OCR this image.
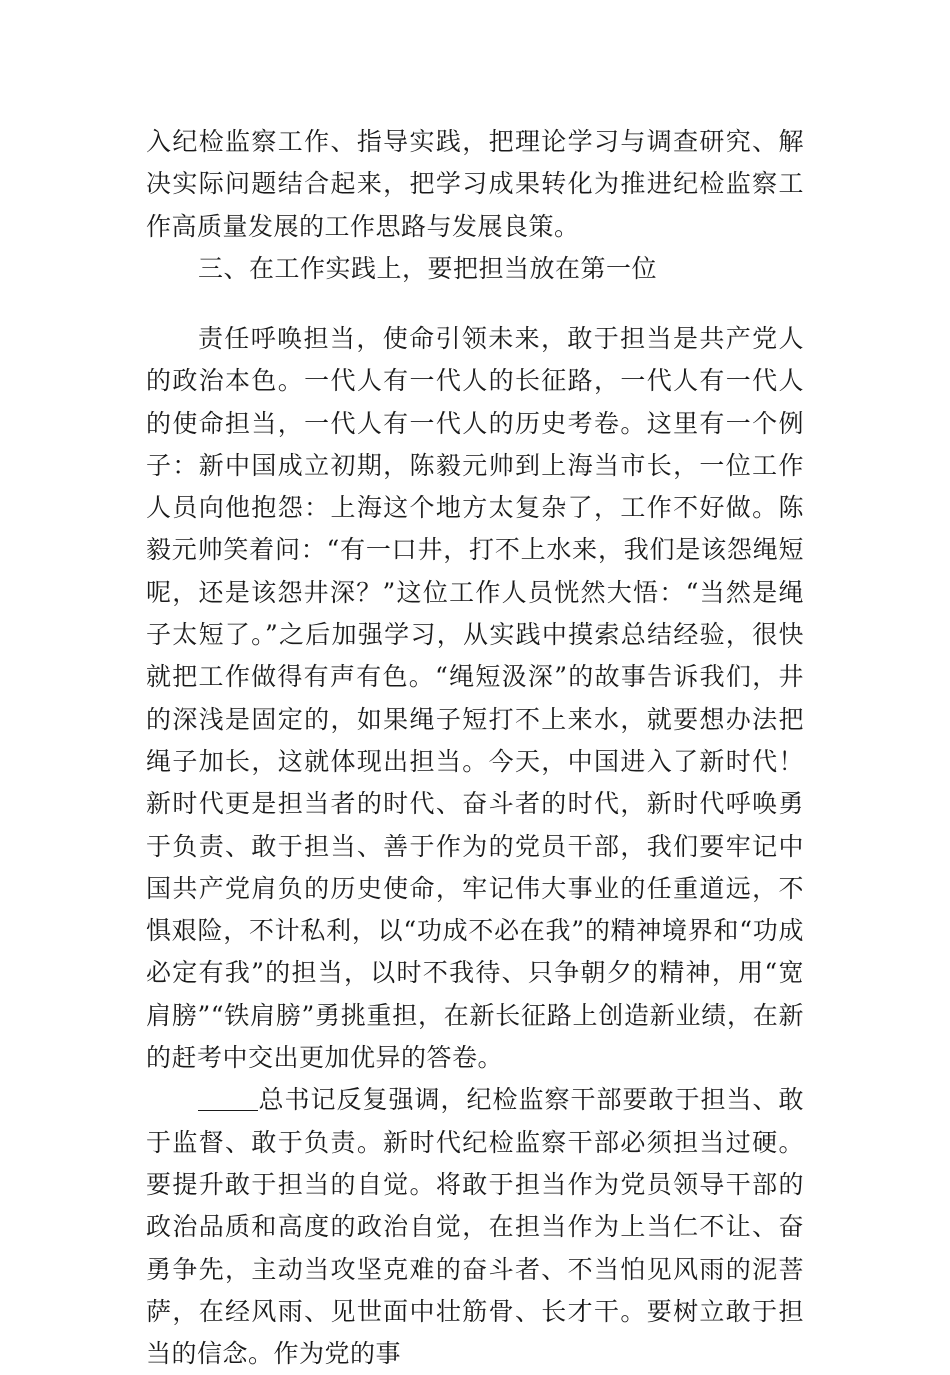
入纪检监察工作、指导实践，把理论学习与调查研究、解决实际问题结合起来，把学习成果转化为推进纪检监察工作高质量发展的工作思路与发展良策。

三、在工作实践上，要把担当放在第一位

责任呼唤担当，使命引领未来，敢于担当是共产党人的政治本色。一代人有一代人的长征路，一代人有一代人的使命担当，一代人有一代人的历史考卷。这里有一个例子：新中国成立初期，陈毅元帅到上海当市长，一位工作人员向他抱怨：上海这个地方太复杂了，工作不好做。陈毅元帅笑着问：“有一口井，打不上水来，我们是该怨绳短呢，还是该怨井深？”这位工作人员恍然大悟：“当然是绳子太短了。”之后加强学习，从实践中摸索总结经验，很快就把工作做得有声有色。“绳短汲深”的故事告诉我们，井的深浅是固定的，如果绳子短打不上来水，就要想办法把绳子加长，这就体现出担当。今天，中国进入了新时代！新时代更是担当者的时代、奋斗者的时代，新时代呼唤勇于负责、敢于担当、善于作为的党员干部，我们要牢记中国共产党肩负的历史使命，牢记伟大事业的任重道远，不惧艰险，不计私利，以“功成不必在我”的精神境界和“功成必定有我”的担当，以时不我待、只争朝夕的精神，用“宽肩膀”“铁肩膀”勇挑重担，在新长征路上创造新业绩，在新的赶考中交出更加优异的答卷。

总书记反复强调，纪检监察干部要敢于担当、敢于监督、敢于负责。新时代纪检监察干部必须担当过硬。要提升敢于担当的自觉。将敢于担当作为党员领导干部的政治品质和高度的政治自觉，在担当作为上当仁不让、奋勇争先，主动当攻坚克难的奋斗者、不当怕见风雨的泥菩萨，在经风雨、见世面中壮筋骨、长才干。要树立敢于担当的信念。作为党的事
